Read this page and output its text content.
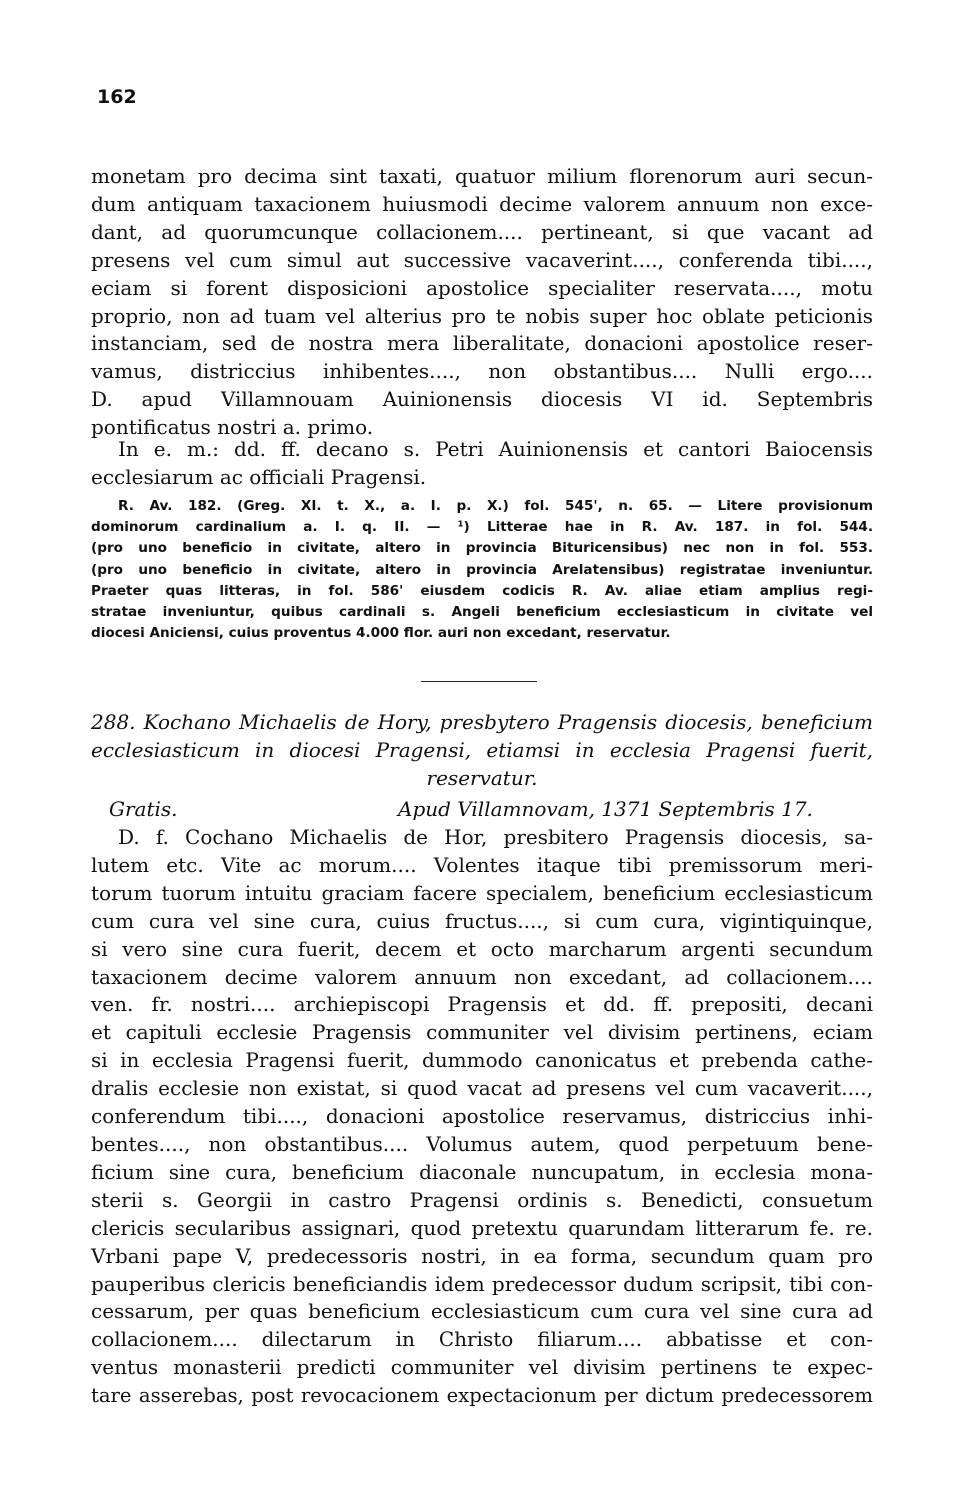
162
monetam pro decima sint taxati, quatuor milium florenorum auri secun-
dum antiquam taxacionem huiusmodi decime valorem annuum non exce-
dant, ad quorumcunque collacionem.... pertineant, si que vacant ad
presens vel cum simul aut successive vacaverint...., conferenda tibi....,
eciam si forent disposicioni apostolice specialiter reservata...., motu
proprio, non ad tuam vel alterius pro te nobis super hoc oblate peticionis
instanciam, sed de nostra mera liberalitate, donacioni apostolice reser-
vamus, districcius inhibentes...., non obstantibus.... Nulli ergo....
D. apud Villamnouam Auinionensis diocesis VI id. Septembris
pontificatus nostri a. primo.
In e. m.: dd. ff. decano s. Petri Auinionensis et cantori Baiocensis
ecclesiarum ac officiali Pragensi.
R. Av. 182. (Greg. XI. t. X., a. I. p. X.) fol. 545', n. 65. — Litere provisionum
dominorum cardinalium a. I. q. II. — ¹) Litterae hae in R. Av. 187. in fol. 544.
(pro uno beneficio in civitate, altero in provincia Bituricensibus) nec non in fol. 553.
(pro uno beneficio in civitate, altero in provincia Arelatensibus) registratae inveniuntur.
Praeter quas litteras, in fol. 586' eiusdem codicis R. Av. aliae etiam amplius regi-
stratae inveniuntur, quibus cardinali s. Angeli beneficium ecclesiasticum in civitate vel
diocesi Aniciensi, cuius proventus 4.000 flor. auri non excedant, reservatur.
288. Kochano Michaelis de Hory, presbytero Pragensis diocesis, beneficium
ecclesiasticum in diocesi Pragensi, etiamsi in ecclesia Pragensi fuerit,
reservatur.
Gratis.	Apud Villamnovam, 1371 Septembris 17.
D. f. Cochano Michaelis de Hor, presbitero Pragensis diocesis, sa-
lutem etc. Vite ac morum.... Volentes itaque tibi premissorum meri-
torum tuorum intuitu graciam facere specialem, beneficium ecclesiasticum
cum cura vel sine cura, cuius fructus...., si cum cura, vigintiquinque,
si vero sine cura fuerit, decem et octo marcharum argenti secundum
taxacionem decime valorem annuum non excedant, ad collacionem....
ven. fr. nostri.... archiepiscopi Pragensis et dd. ff. prepositi, decani
et capituli ecclesie Pragensis communiter vel divisim pertinens, eciam
si in ecclesia Pragensi fuerit, dummodo canonicatus et prebenda cathe-
dralis ecclesie non existat, si quod vacat ad presens vel cum vacaverit....,
conferendum tibi...., donacioni apostolice reservamus, districcius inhi-
bentes...., non obstantibus.... Volumus autem, quod perpetuum bene-
ficium sine cura, beneficium diaconale nuncupatum, in ecclesia mona-
sterii s. Georgii in castro Pragensi ordinis s. Benedicti, consuetum
clericis secularibus assignari, quod pretextu quarundam litterarum fe. re.
Vrbani pape V, predecessoris nostri, in ea forma, secundum quam pro
pauperibus clericis beneficiandis idem predecessor dudum scripsit, tibi con-
cessarum, per quas beneficium ecclesiasticum cum cura vel sine cura ad
collacionem.... dilectarum in Christo filiarum.... abbatisse et con-
ventus monasterii predicti communiter vel divisim pertinens te expec-
tare asserebas, post revocacionem expectacionum per dictum predecessorem
